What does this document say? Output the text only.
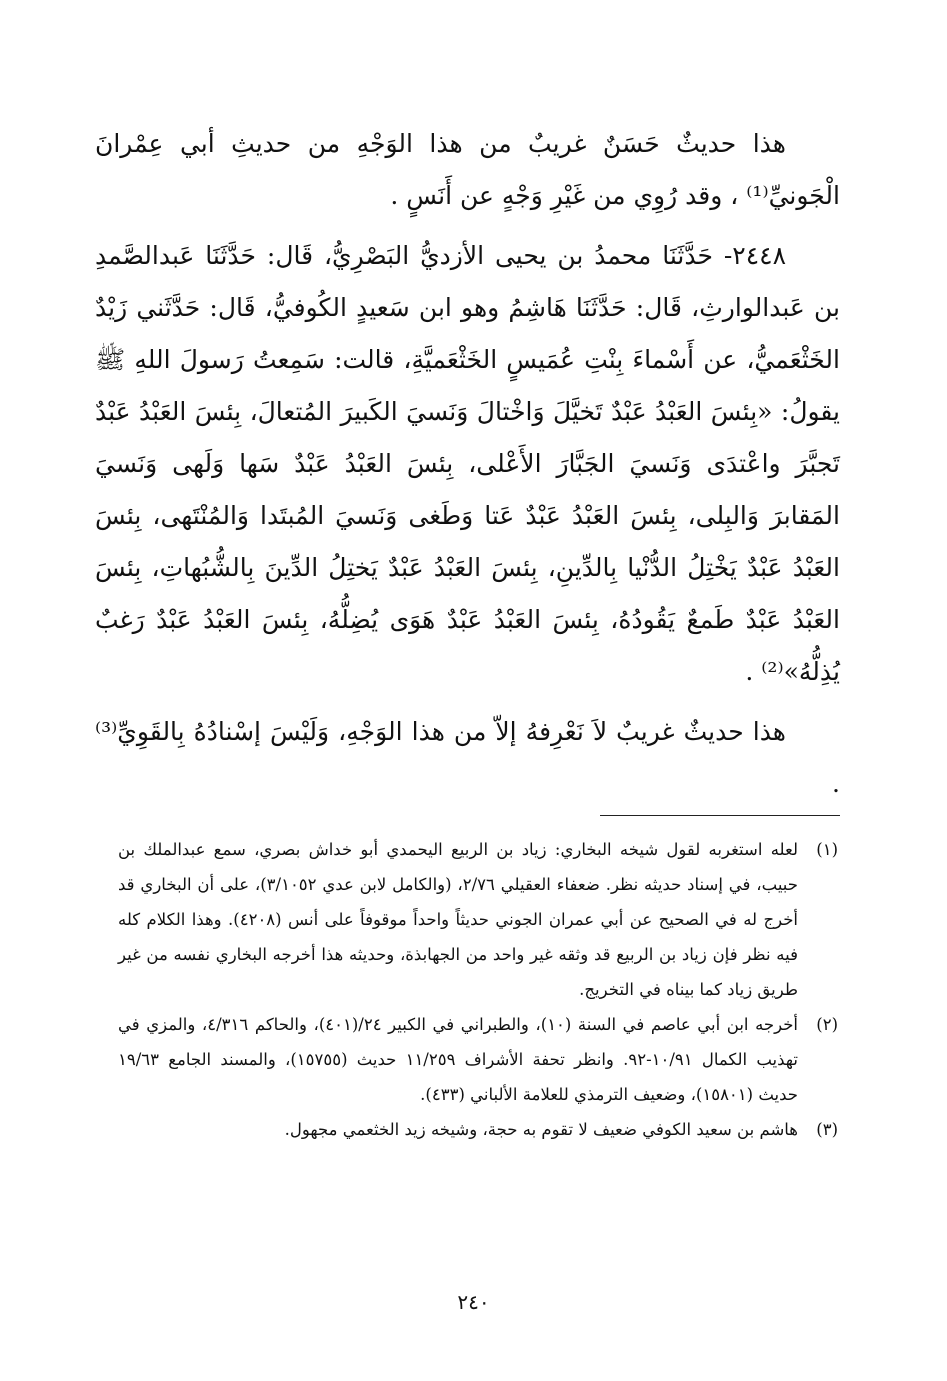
هذا حديثٌ حَسَنٌ غريبٌ من هذا الوَجْهِ من حديثِ أبي عِمْرانَ الْجَونيِّ⁽¹⁾ ، وقد رُوِي من غَيْرِ وَجْهٍ عن أَنَسٍ .

٢٤٤٨- حَدَّثَنَا محمدُ بن يحيى الأزديُّ البَصْرِيُّ، قَال: حَدَّثَنَا عَبدالصَّمدِ بن عَبدالوارثِ، قَال: حَدَّثَنَا هَاشِمُ وهو ابن سَعيدٍ الكُوفيُّ، قَال: حَدَّثَني زَيْدٌ الخَثْعَميُّ، عن أَسْماءَ بِنْتِ عُمَيسٍ الخَثْعَميَّةِ، قالت: سَمِعتُ رَسولَ اللهِ ﷺ يقولُ: «بِئسَ العَبْدُ عَبْدٌ تَخيَّلَ وَاخْتالَ وَنَسيَ الكَبيرَ المُتعالَ، بِئسَ العَبْدُ عَبْدٌ تَجبَّرَ واعْتدَى وَنَسيَ الجَبَّارَ الأَعْلى، بِئسَ العَبْدُ عَبْدٌ سَها وَلَهى وَنَسيَ المَقابرَ وَالبِلى، بِئسَ العَبْدُ عَبْدٌ عَتا وَطَغى وَنَسيَ المُبتَدا وَالمُنْتَهى، بِئسَ العَبْدُ عَبْدٌ يَخْتِلُ الدُّنْيا بِالدِّينِ، بِئسَ العَبْدُ عَبْدٌ يَختِلُ الدِّينَ بِالشُّبُهاتِ، بِئسَ العَبْدُ عَبْدٌ طَمعٌ يَقُودُهُ، بِئسَ العَبْدُ عَبْدٌ هَوَى يُضِلُّهُ، بِئسَ العَبْدُ عَبْدٌ رَغبٌ يُذِلُّهُ»⁽²⁾ .

هذا حديثٌ غريبٌ لاَ نَعْرِفهُ إلاّ من هذا الوَجْهِ، وَلَيْسَ إسْنادُهُ بِالقَوِيِّ⁽³⁾ .

(١)
لعله استغربه لقول شيخه البخاري: زياد بن الربيع اليحمدي أبو خداش بصري، سمع عبدالملك بن حبيب، في إسناد حديثه نظر. ضعفاء العقيلي ٢/٧٦، (والكامل لابن عدي ٣/١٠٥٢)، على أن البخاري قد أخرج له في الصحيح عن أبي عمران الجوني حديثاً واحداً موقوفاً على أنس (٤٢٠٨). وهذا الكلام كله فيه نظر فإن زياد بن الربيع قد وثقه غير واحد من الجهابذة، وحديثه هذا أخرجه البخاري نفسه من غير طريق زياد كما بيناه في التخريج.
(٢)
أخرجه ابن أبي عاصم في السنة (١٠)، والطبراني في الكبير ٢٤/(٤٠١)، والحاكم ٤/٣١٦، والمزي في تهذيب الكمال ١٠/٩١-٩٢. وانظر تحفة الأشراف ١١/٢٥٩ حديث (١٥٧٥٥)، والمسند الجامع ١٩/٦٣ حديث (١٥٨٠١)، وضعيف الترمذي للعلامة الألباني (٤٣٣).
(٣)
هاشم بن سعيد الكوفي ضعيف لا تقوم به حجة، وشيخه زيد الخثعمي مجهول.
٢٤٠
